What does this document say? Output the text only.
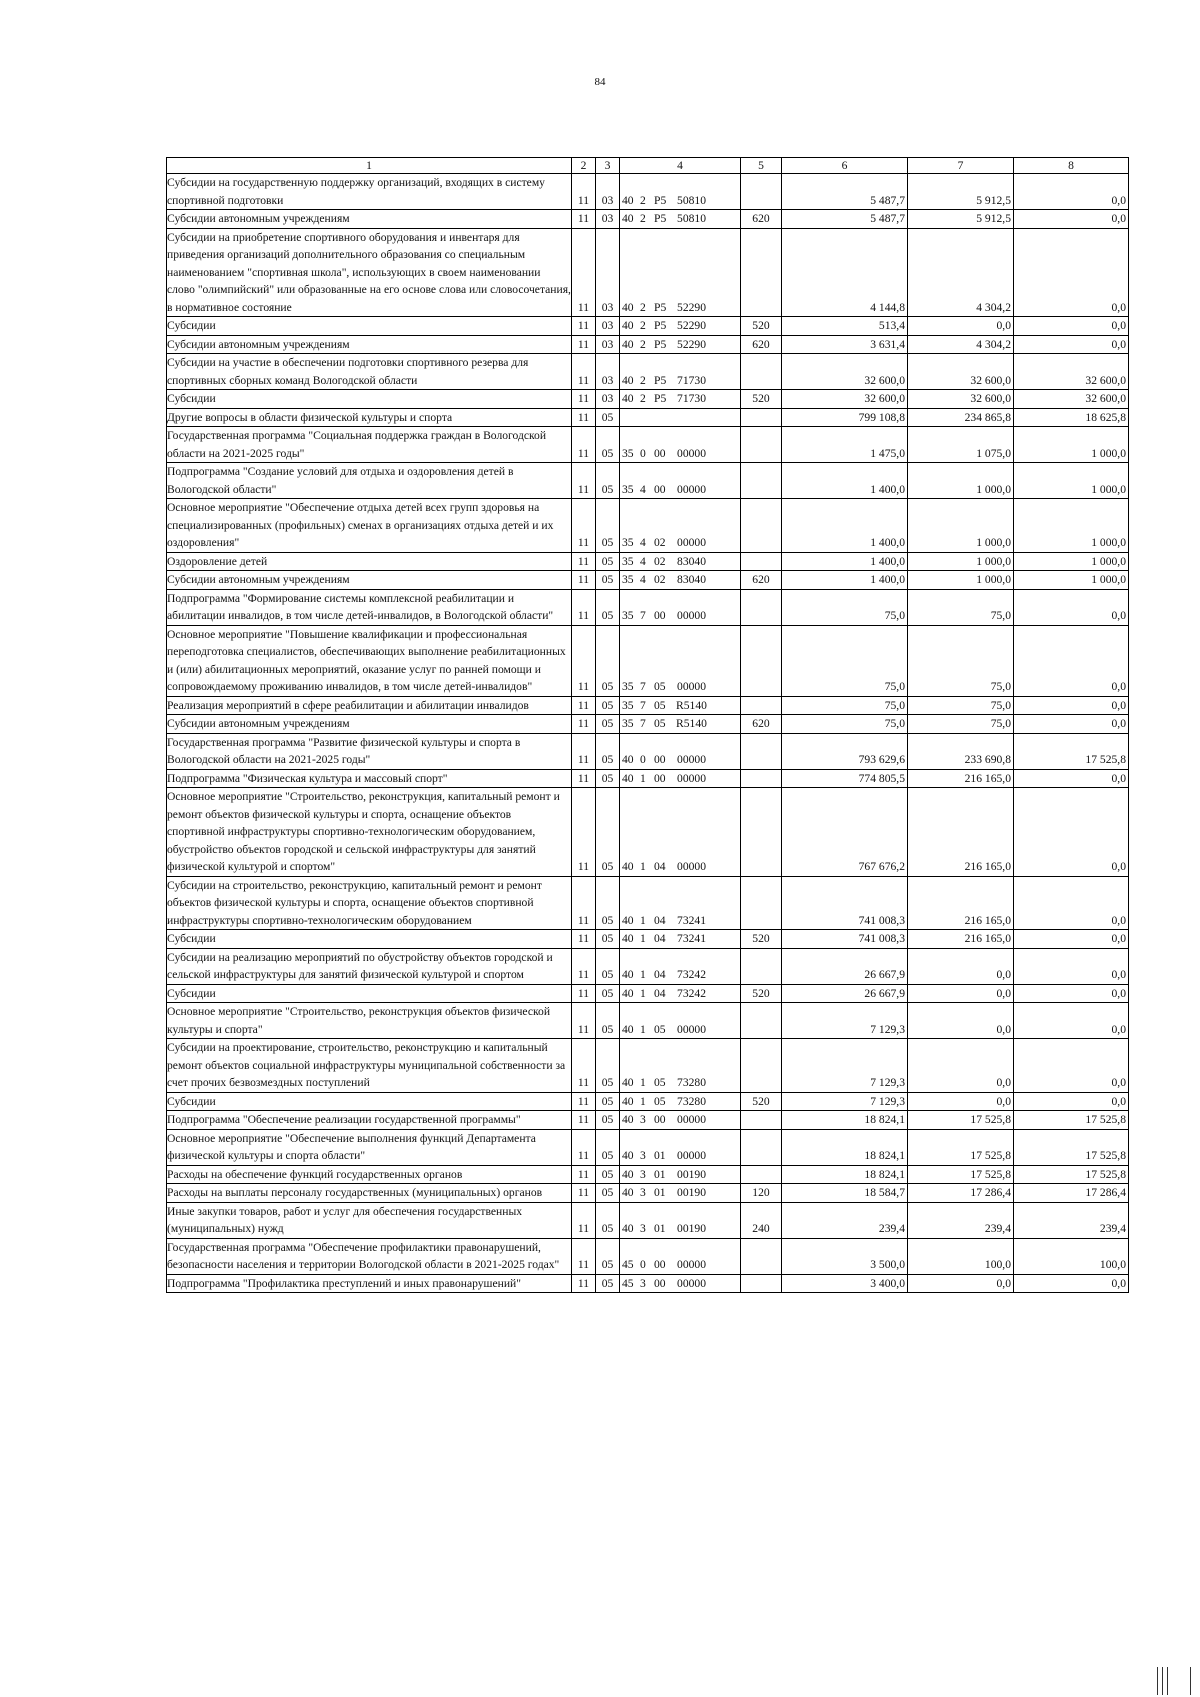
84
1	2	3	4	5	6	7	8
Субсидии на государственную поддержку организаций, входящих в систему спортивной подготовки	11	03	40 2 P5 50810		5 487,7	5 912,5	0,0
Субсидии автономным учреждениям	11	03	40 2 P5 50810	620	5 487,7	5 912,5	0,0
Субсидии на приобретение спортивного оборудования и инвентаря для приведения организаций дополнительного образования со специальным наименованием "спортивная школа", использующих в своем наименовании слово "олимпийский" или образованные на его основе слова или словосочетания, в нормативное состояние	11	03	40 2 P5 52290		4 144,8	4 304,2	0,0
Субсидии	11	03	40 2 P5 52290	520	513,4	0,0	0,0
Субсидии автономным учреждениям	11	03	40 2 P5 52290	620	3 631,4	4 304,2	0,0
Субсидии на участие в обеспечении подготовки спортивного резерва для спортивных сборных команд Вологодской области	11	03	40 2 P5 71730		32 600,0	32 600,0	32 600,0
Субсидии	11	03	40 2 P5 71730	520	32 600,0	32 600,0	32 600,0
Другие вопросы в области физической культуры и спорта	11	05			799 108,8	234 865,8	18 625,8
Государственная программа "Социальная поддержка граждан в Вологодской области на 2021-2025 годы"	11	05	35 0 00 00000		1 475,0	1 075,0	1 000,0
Подпрограмма "Создание условий для отдыха и оздоровления детей в Вологодской области"	11	05	35 4 00 00000		1 400,0	1 000,0	1 000,0
Основное мероприятие "Обеспечение отдыха детей всех групп здоровья на специализированных (профильных) сменах в организациях отдыха детей и их оздоровления"	11	05	35 4 02 00000		1 400,0	1 000,0	1 000,0
Оздоровление детей	11	05	35 4 02 83040		1 400,0	1 000,0	1 000,0
Субсидии автономным учреждениям	11	05	35 4 02 83040	620	1 400,0	1 000,0	1 000,0
Подпрограмма "Формирование системы комплексной реабилитации и абилитации инвалидов, в том числе детей-инвалидов, в Вологодской области"	11	05	35 7 00 00000		75,0	75,0	0,0
Основное мероприятие "Повышение квалификации и профессиональная переподготовка специалистов, обеспечивающих выполнение реабилитационных и (или) абилитационных мероприятий, оказание услуг по ранней помощи и сопровождаемому проживанию инвалидов, в том числе детей-инвалидов"	11	05	35 7 05 00000		75,0	75,0	0,0
Реализация мероприятий в сфере реабилитации и абилитации инвалидов	11	05	35 7 05 R5140		75,0	75,0	0,0
Субсидии автономным учреждениям	11	05	35 7 05 R5140	620	75,0	75,0	0,0
Государственная программа "Развитие физической культуры и спорта в Вологодской области на 2021-2025 годы"	11	05	40 0 00 00000		793 629,6	233 690,8	17 525,8
Подпрограмма "Физическая культура и массовый спорт"	11	05	40 1 00 00000		774 805,5	216 165,0	0,0
Основное мероприятие "Строительство, реконструкция, капитальный ремонт и ремонт объектов физической культуры и спорта, оснащение объектов спортивной инфраструктуры спортивно-технологическим оборудованием, обустройство объектов городской и сельской инфраструктуры для занятий физической культурой и спортом"	11	05	40 1 04 00000		767 676,2	216 165,0	0,0
Субсидии на строительство, реконструкцию, капитальный ремонт и ремонт объектов физической культуры и спорта, оснащение объектов спортивной инфраструктуры спортивно-технологическим оборудованием	11	05	40 1 04 73241		741 008,3	216 165,0	0,0
Субсидии	11	05	40 1 04 73241	520	741 008,3	216 165,0	0,0
Субсидии на реализацию мероприятий по обустройству объектов городской и сельской инфраструктуры для занятий физической культурой и спортом	11	05	40 1 04 73242		26 667,9	0,0	0,0
Субсидии	11	05	40 1 04 73242	520	26 667,9	0,0	0,0
Основное мероприятие "Строительство, реконструкция объектов физической культуры и спорта"	11	05	40 1 05 00000		7 129,3	0,0	0,0
Субсидии на проектирование, строительство, реконструкцию и капитальный ремонт объектов социальной инфраструктуры муниципальной собственности за счет прочих безвозмездных поступлений	11	05	40 1 05 73280		7 129,3	0,0	0,0
Субсидии	11	05	40 1 05 73280	520	7 129,3	0,0	0,0
Подпрограмма "Обеспечение реализации государственной программы"	11	05	40 3 00 00000		18 824,1	17 525,8	17 525,8
Основное мероприятие "Обеспечение выполнения функций Департамента физической культуры и спорта области"	11	05	40 3 01 00000		18 824,1	17 525,8	17 525,8
Расходы на обеспечение функций государственных органов	11	05	40 3 01 00190		18 824,1	17 525,8	17 525,8
Расходы на выплаты персоналу государственных (муниципальных) органов	11	05	40 3 01 00190	120	18 584,7	17 286,4	17 286,4
Иные закупки товаров, работ и услуг для обеспечения государственных (муниципальных) нужд	11	05	40 3 01 00190	240	239,4	239,4	239,4
Государственная программа "Обеспечение профилактики правонарушений, безопасности населения и территории Вологодской области в 2021-2025 годах"	11	05	45 0 00 00000		3 500,0	100,0	100,0
Подпрограмма "Профилактика преступлений и иных правонарушений"	11	05	45 3 00 00000		3 400,0	0,0	0,0
